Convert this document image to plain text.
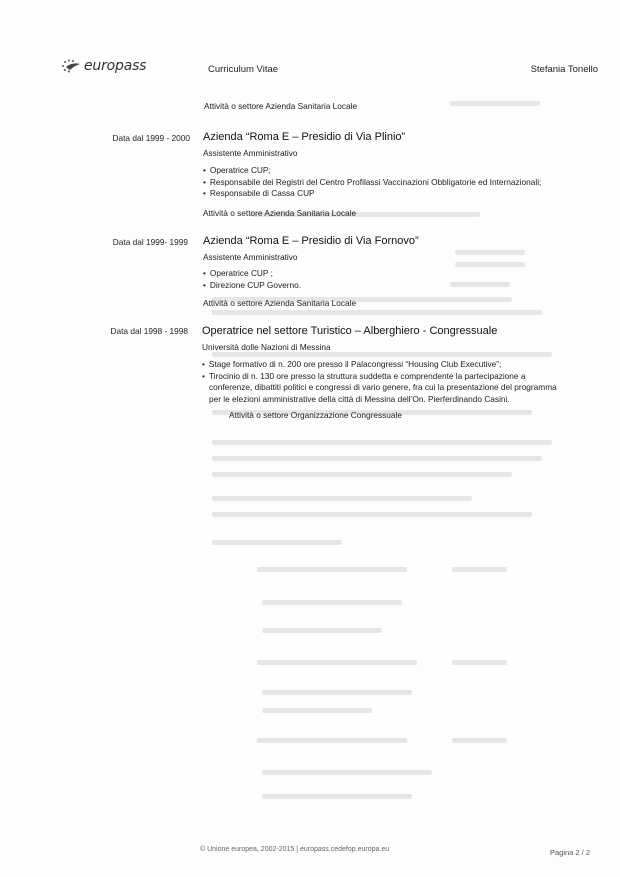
europass	Curriculum Vitae	Stefania Tonello
Attività o settore Azienda Sanitaria Locale
Data dal 1999 - 2000 Azienda “Roma E – Presidio di Via Plinio”
Assistente Amministrativo
• Operatrice CUP;
• Responsabile dei Registri del Centro Profilassi Vaccinazioni Obbligatorie ed Internazionali;
• Responsabile di Cassa CUP
Attività o settore Azienda Sanitaria Locale
Data dal 1999- 1999 Azienda “Roma E – Presidio di Via Fornovo”
Assistente Amministrativo
• Operatrice CUP ;
• Direzione CUP Governo.
Attività o settore Azienda Sanitaria Locale
Data dal 1998 - 1998 Operatrice nel settore Turistico – Alberghiero - Congressuale
Università dolle Nazioni di Messina
• Stage formativo di n. 200 ore presso il Palacongressi “Housing Club Executive”;
• Tirocinio di n. 130 ore presso la struttura suddetta e comprendente la partecipazione a conferenze, dibattiti politici e congressi di vario genere, fra cui la presentazione del programma per le elezioni amministrative della città di Messina dell’On. Pierferdinando Casini.
Attività o settore Organizzazione Congressuale
© Unione europea, 2002-2015 | europass.cedefop.europa.eu	Pagina 2 / 2
